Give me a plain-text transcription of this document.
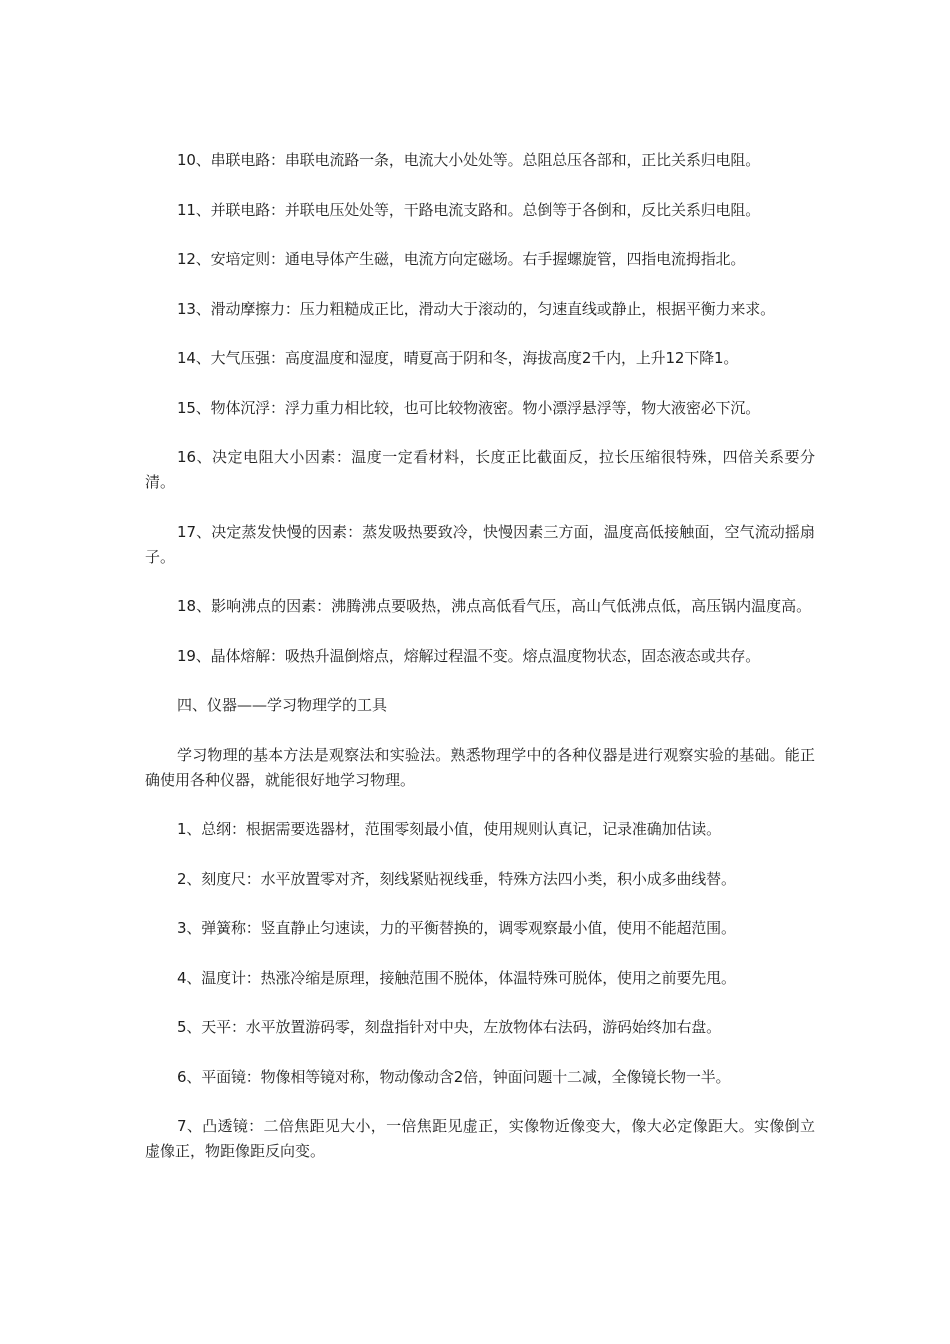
10、串联电路：串联电流路一条，电流大小处处等。总阻总压各部和，正比关系归电阻。

11、并联电路：并联电压处处等，干路电流支路和。总倒等于各倒和，反比关系归电阻。

12、安培定则：通电导体产生磁，电流方向定磁场。右手握螺旋管，四指电流拇指北。

13、滑动摩擦力：压力粗糙成正比，滑动大于滚动的，匀速直线或静止，根据平衡力来求。

14、大气压强：高度温度和湿度，晴夏高于阴和冬，海拔高度2千内，上升12下降1。

15、物体沉浮：浮力重力相比较，也可比较物液密。物小漂浮悬浮等，物大液密必下沉。

16、决定电阻大小因素：温度一定看材料，长度正比截面反，拉长压缩很特殊，四倍关系要分清。

17、决定蒸发快慢的因素：蒸发吸热要致冷，快慢因素三方面，温度高低接触面，空气流动摇扇子。

18、影响沸点的因素：沸腾沸点要吸热，沸点高低看气压，高山气低沸点低，高压锅内温度高。

19、晶体熔解：吸热升温倒熔点，熔解过程温不变。熔点温度物状态，固态液态或共存。

四、仪器——学习物理学的工具

学习物理的基本方法是观察法和实验法。熟悉物理学中的各种仪器是进行观察实验的基础。能正确使用各种仪器，就能很好地学习物理。

1、总纲：根据需要选器材，范围零刻最小值，使用规则认真记，记录准确加估读。

2、刻度尺：水平放置零对齐，刻线紧贴视线垂，特殊方法四小类，积小成多曲线替。

3、弹簧称：竖直静止匀速读，力的平衡替换的，调零观察最小值，使用不能超范围。

4、温度计：热涨冷缩是原理，接触范围不脱体，体温特殊可脱体，使用之前要先甩。

5、天平：水平放置游码零，刻盘指针对中央，左放物体右法码，游码始终加右盘。

6、平面镜：物像相等镜对称，物动像动含2倍，钟面问题十二减，全像镜长物一半。

7、凸透镜：二倍焦距见大小，一倍焦距见虚正，实像物近像变大，像大必定像距大。实像倒立虚像正，物距像距反向变。
